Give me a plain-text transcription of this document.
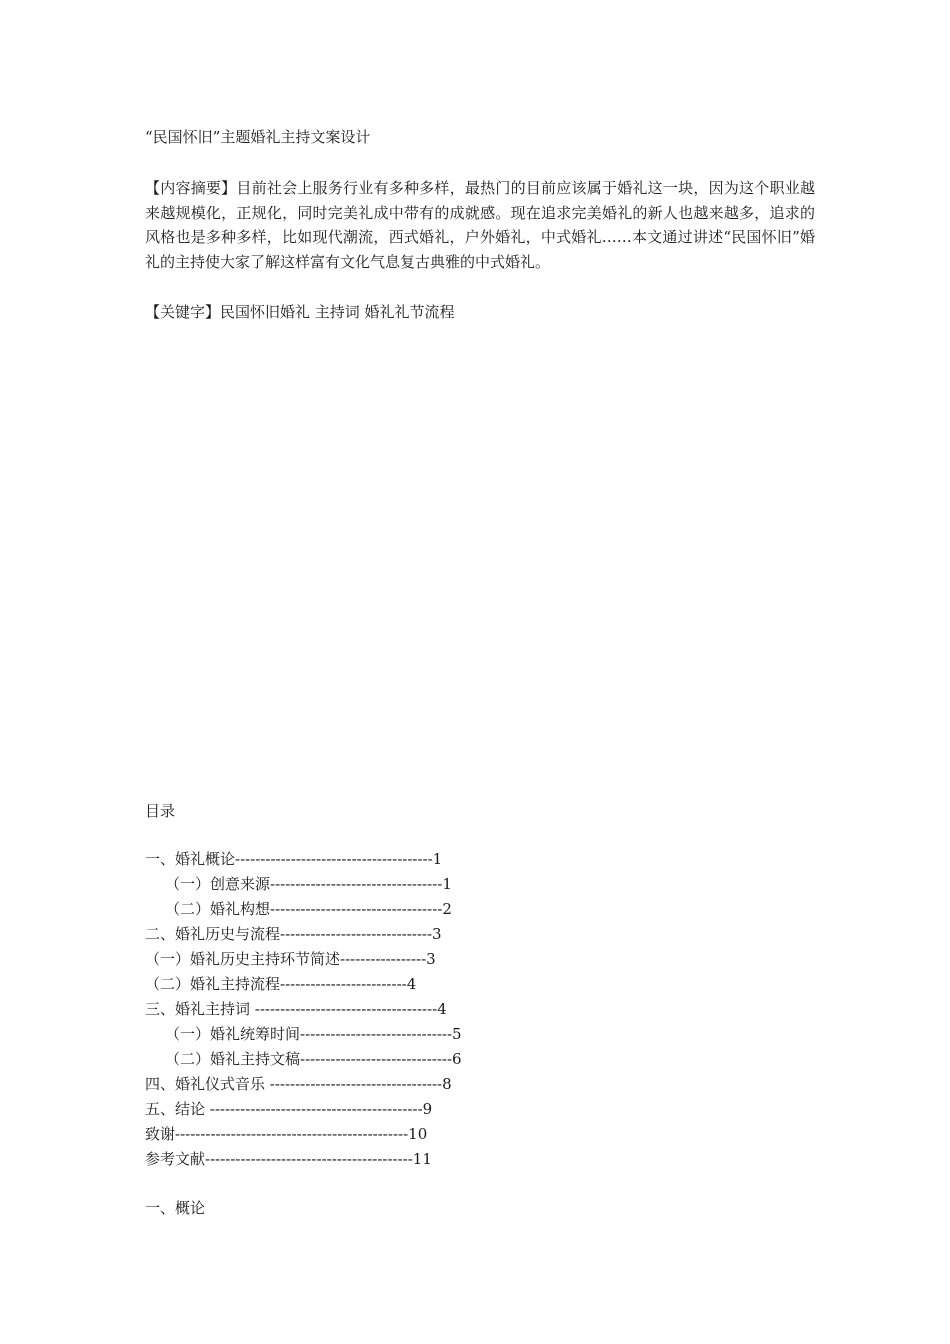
“民国怀旧”主题婚礼主持文案设计

【内容摘要】目前社会上服务行业有多种多样，最热门的目前应该属于婚礼这一块，因为这个职业越来越规模化，正规化，同时完美礼成中带有的成就感。现在追求完美婚礼的新人也越来越多，追求的风格也是多种多样，比如现代潮流，西式婚礼，户外婚礼，中式婚礼……本文通过讲述“民国怀旧”婚礼的主持使大家了解这样富有文化气息复古典雅的中式婚礼。

【关键字】民国怀旧婚礼 主持词 婚礼礼节流程
目录
一、婚礼概论---------------------------------------1
（一）创意来源----------------------------------1
（二）婚礼构想----------------------------------2
二、婚礼历史与流程------------------------------3
（一）婚礼历史主持环节简述-----------------3
（二）婚礼主持流程-------------------------4
三、婚礼主持词 ------------------------------------4
（一）婚礼统筹时间------------------------------5
（二）婚礼主持文稿------------------------------6
四、婚礼仪式音乐 ----------------------------------8
五、结论 ------------------------------------------9
致谢----------------------------------------------10
参考文献-----------------------------------------11
一、概论
